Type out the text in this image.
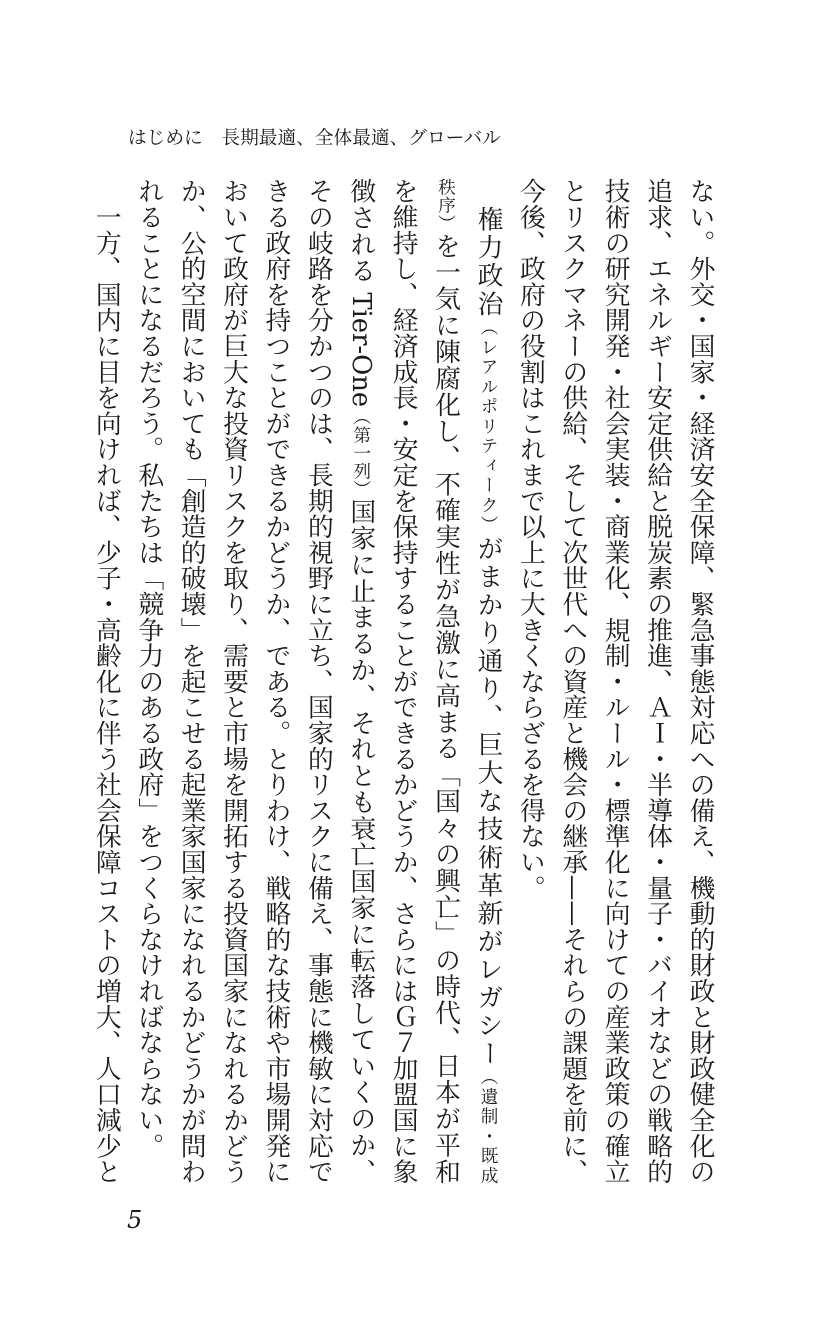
はじめに　長期最適、全体最適、グローバル
ない。外交・国家・経済安全保障、緊急事態対応への備え、機動的財政と財政健全化の
追求、エネルギー安定供給と脱炭素の推進、ＡＩ・半導体・量子・バイオなどの戦略的
技術の研究開発・社会実装・商業化、規制・ルール・標準化に向けての産業政策の確立
とリスクマネーの供給、そして次世代への資産と機会の継承——それらの課題を前に、
今後、政府の役割はこれまで以上に大きくならざるを得ない。
　権力政治（レアルポリティーク）がまかり通り、巨大な技術革新がレガシー（遺制・既成
秩序）を一気に陳腐化し、不確実性が急激に高まる「国々の興亡」の時代、日本が平和
を維持し、経済成長・安定を保持することができるかどうか、さらにはＧ７加盟国に象
徴される Tier-One（第一列）国家に止まるか、それとも衰亡国家に転落していくのか、
その岐路を分かつのは、長期的視野に立ち、国家的リスクに備え、事態に機敏に対応で
きる政府を持つことができるかどうか、である。とりわけ、戦略的な技術や市場開発に
おいて政府が巨大な投資リスクを取り、需要と市場を開拓する投資国家になれるかどう
か、公的空間においても「創造的破壊」を起こせる起業家国家になれるかどうかが問わ
れることになるだろう。私たちは「競争力のある政府」をつくらなければならない。
　一方、国内に目を向ければ、少子・高齢化に伴う社会保障コストの増大、人口減少と
5
